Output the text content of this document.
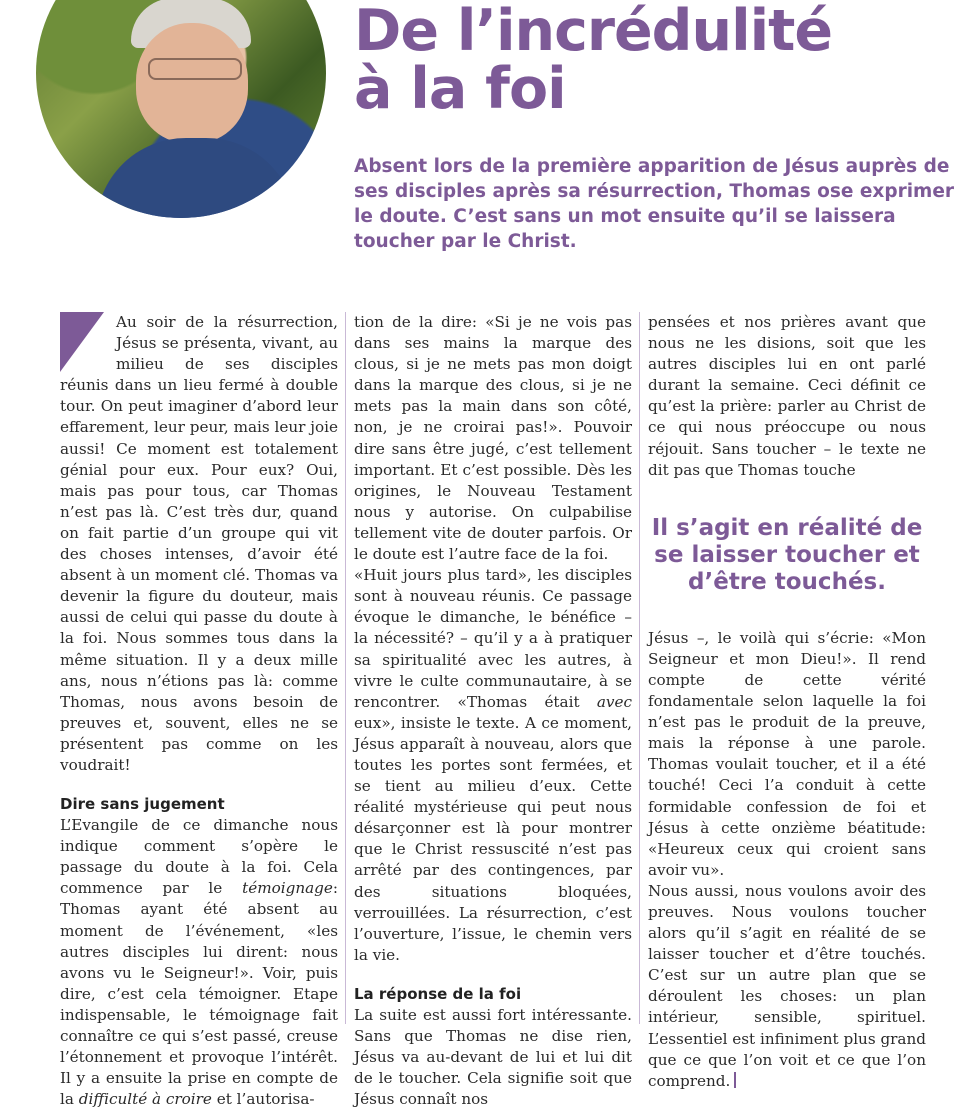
De l’incrédulité
à la foi

Absent lors de la première apparition de Jésus auprès de ses disciples après sa résurrection, Thomas ose exprimer le doute. C’est sans un mot ensuite qu’il se laissera toucher par le Christ.

Au soir de la résurrection, Jésus se présenta, vivant, au milieu de ses disciples réunis dans un lieu fermé à double tour. On peut imaginer d’abord leur effarement, leur peur, mais leur joie aussi! Ce moment est totalement génial pour eux. Pour eux? Oui, mais pas pour tous, car Thomas n’est pas là. C’est très dur, quand on fait partie d’un groupe qui vit des choses intenses, d’avoir été absent à un moment clé. Thomas va devenir la figure du douteur, mais aussi de celui qui passe du doute à la foi. Nous sommes tous dans la même situation. Il y a deux mille ans, nous n’étions pas là: comme Thomas, nous avons besoin de preuves et, souvent, elles ne se présentent pas comme on les voudrait!

Dire sans jugement

L’Evangile de ce dimanche nous indique comment s’opère le passage du doute à la foi. Cela commence par le témoignage: Thomas ayant été absent au moment de l’événement, «les autres disciples lui dirent: nous avons vu le Seigneur!». Voir, puis dire, c’est cela témoigner. Etape indispensable, le témoignage fait connaître ce qui s’est passé, creuse l’étonnement et provoque l’intérêt. Il y a ensuite la prise en compte de la difficulté à croire et l’autorisa-

tion de la dire: «Si je ne vois pas dans ses mains la marque des clous, si je ne mets pas mon doigt dans la marque des clous, si je ne mets pas la main dans son côté, non, je ne croirai pas!». Pouvoir dire sans être jugé, c’est tellement important. Et c’est possible. Dès les origines, le Nouveau Testament nous y autorise. On culpabilise tellement vite de douter parfois. Or le doute est l’autre face de la foi.

«Huit jours plus tard», les disciples sont à nouveau réunis. Ce passage évoque le dimanche, le bénéfice – la nécessité? – qu’il y a à pratiquer sa spiritualité avec les autres, à vivre le culte communautaire, à se rencontrer. «Thomas était avec eux», insiste le texte. A ce moment, Jésus apparaît à nouveau, alors que toutes les portes sont fermées, et se tient au milieu d’eux. Cette réalité mystérieuse qui peut nous désarçonner est là pour montrer que le Christ ressuscité n’est pas arrêté par des contingences, par des situations bloquées, verrouillées. La résurrection, c’est l’ouverture, l’issue, le chemin vers la vie.

La réponse de la foi

La suite est aussi fort intéressante. Sans que Thomas ne dise rien, Jésus va au-devant de lui et lui dit de le toucher. Cela signifie soit que Jésus connaît nos

pensées et nos prières avant que nous ne les disions, soit que les autres disciples lui en ont parlé durant la semaine. Ceci définit ce qu’est la prière: parler au Christ de ce qui nous préoccupe ou nous réjouit. Sans toucher – le texte ne dit pas que Thomas touche

Il s’agit en réalité de se laisser toucher et d’être touchés.

Jésus –, le voilà qui s’écrie: «Mon Seigneur et mon Dieu!». Il rend compte de cette vérité fondamentale selon laquelle la foi n’est pas le produit de la preuve, mais la réponse à une parole. Thomas voulait toucher, et il a été touché! Ceci l’a conduit à cette formidable confession de foi et Jésus à cette onzième béatitude: «Heureux ceux qui croient sans avoir vu».

Nous aussi, nous voulons avoir des preuves. Nous voulons toucher alors qu’il s’agit en réalité de se laisser toucher et d’être touchés. C’est sur un autre plan que se déroulent les choses: un plan intérieur, sensible, spirituel. L’essentiel est infiniment plus grand que ce que l’on voit et ce que l’on comprend.
